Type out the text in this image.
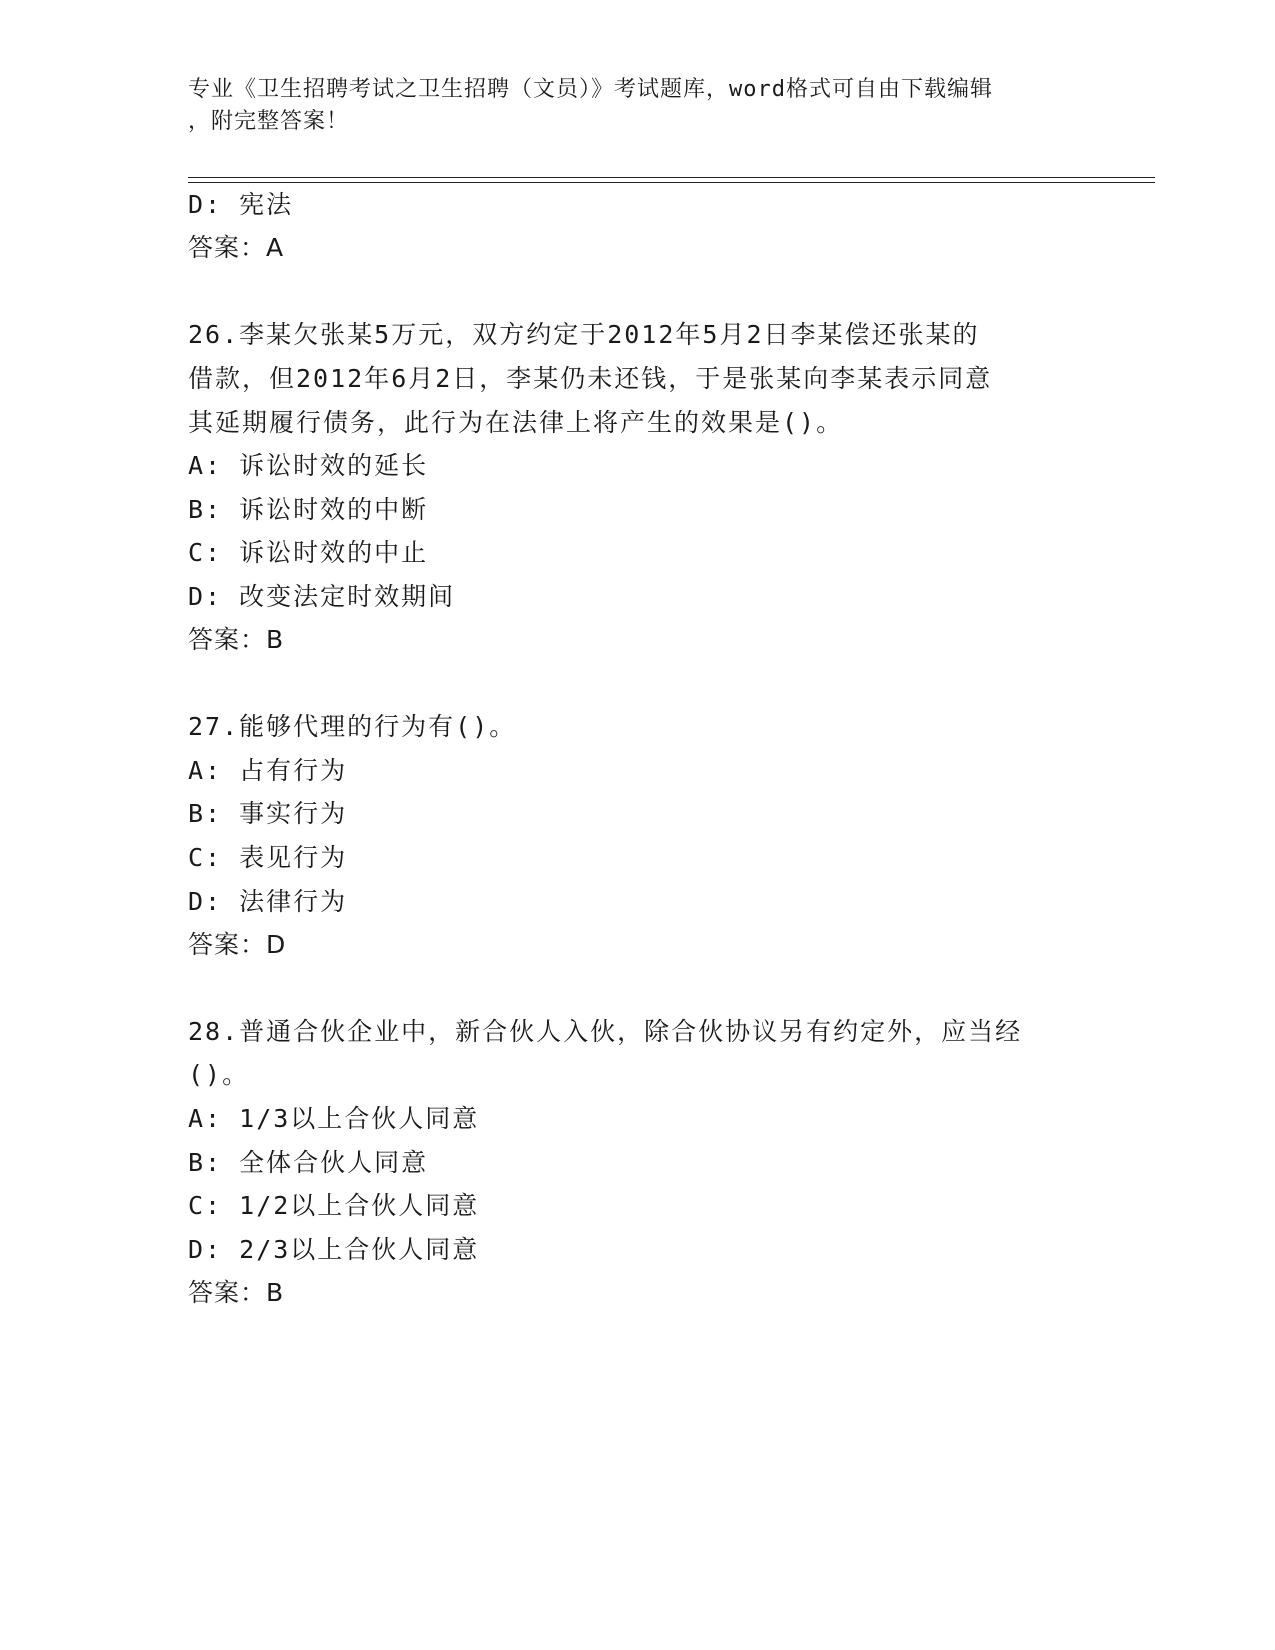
专业《卫生招聘考试之卫生招聘（文员）》考试题库，word格式可自由下载编辑
，附完整答案！
D: 宪法
答案：A
26.李某欠张某5万元，双方约定于2012年5月2日李某偿还张某的
借款，但2012年6月2日，李某仍未还钱，于是张某向李某表示同意
其延期履行债务，此行为在法律上将产生的效果是()。
A: 诉讼时效的延长
B: 诉讼时效的中断
C: 诉讼时效的中止
D: 改变法定时效期间
答案：B
27.能够代理的行为有()。
A: 占有行为
B: 事实行为
C: 表见行为
D: 法律行为
答案：D
28.普通合伙企业中，新合伙人入伙，除合伙协议另有约定外，应当经
()。
A: 1/3以上合伙人同意
B: 全体合伙人同意
C: 1/2以上合伙人同意
D: 2/3以上合伙人同意
答案：B
